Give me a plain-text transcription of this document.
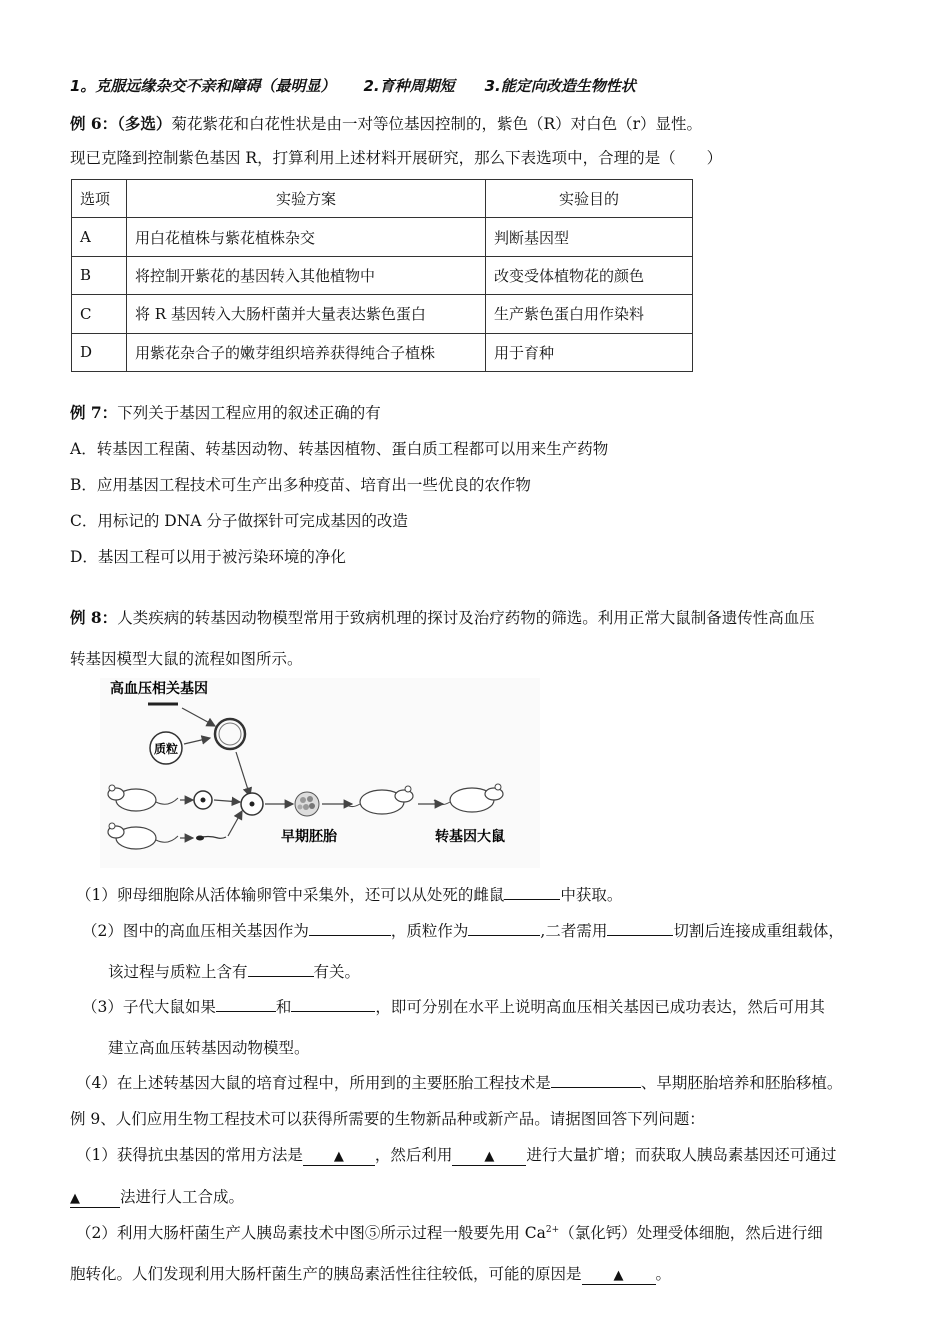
1。克服远缘杂交不亲和障碍（最明显） 2.育种周期短 3.能定向改造生物性状
例 6：（多选）菊花紫花和白花性状是由一对等位基因控制的，紫色（R）对白色（r）显性。
现已克隆到控制紫色基因 R，打算利用上述材料开展研究，那么下表选项中，合理的是（　　）
选项	实验方案	实验目的
A	用白花植株与紫花植株杂交	判断基因型
B	将控制开紫花的基因转入其他植物中	改变受体植物花的颜色
C	将 R 基因转入大肠杆菌并大量表达紫色蛋白	生产紫色蛋白用作染料
D	用紫花杂合子的嫩芽组织培养获得纯合子植株	用于育种
例 7：下列关于基因工程应用的叙述正确的有
A．转基因工程菌、转基因动物、转基因植物、蛋白质工程都可以用来生产药物
B．应用基因工程技术可生产出多种疫苗、培育出一些优良的农作物
C．用标记的 DNA 分子做探针可完成基因的改造
D．基因工程可以用于被污染环境的净化
例 8：人类疾病的转基因动物模型常用于致病机理的探讨及治疗药物的筛选。利用正常大鼠制备遗传性高血压
转基因模型大鼠的流程如图所示。
高血压相关基因
质粒
早期胚胎	转基因大鼠
（1）卵母细胞除从活体输卵管中采集外，还可以从处死的雌鼠	中获取。
（2）图中的高血压相关基因作为	，质粒作为	,二者需用	切割后连接成重组载体，
该过程与质粒上含有	有关。
（3）子代大鼠如果	和	，即可分别在水平上说明高血压相关基因已成功表达，然后可用其
建立高血压转基因动物模型。
（4）在上述转基因大鼠的培育过程中，所用到的主要胚胎工程技术是	、早期胚胎培养和胚胎移植。
例 9、人们应用生物工程技术可以获得所需要的生物新品种或新产品。请据图回答下列问题：
（1）获得抗虫基因的常用方法是 ▲ ，然后利用 ▲ 进行大量扩增；而获取人胰岛素基因还可通过
▲	法进行人工合成。
（2）利用大肠杆菌生产人胰岛素技术中图⑤所示过程一般要先用 $Ca^{2+}$（氯化钙）处理受体细胞，然后进行细
胞转化。人们发现利用大肠杆菌生产的胰岛素活性往往较低，可能的原因是 ▲ 。
